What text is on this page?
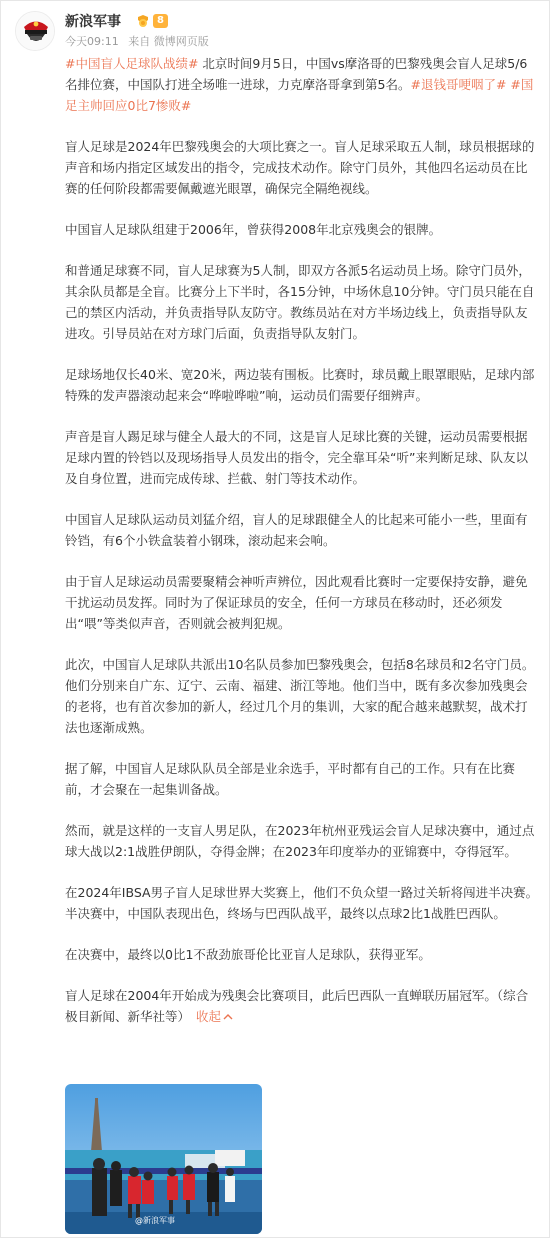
新浪军事	8
今天09:11 来自 微博网页版

#中国盲人足球队战绩# 北京时间9月5日，中国vs摩洛哥的巴黎残奥会盲人足球5/6名排位赛，中国队打进全场唯一进球，力克摩洛哥拿到第5名。#退钱哥哽咽了# #国足主帅回应0比7惨败#

盲人足球是2024年巴黎残奥会的大项比赛之一。盲人足球采取五人制，球员根据球的声音和场内指定区域发出的指令，完成技术动作。除守门员外，其他四名运动员在比赛的任何阶段都需要佩戴遮光眼罩，确保完全隔绝视线。

中国盲人足球队组建于2006年，曾获得2008年北京残奥会的银牌。

和普通足球赛不同，盲人足球赛为5人制，即双方各派5名运动员上场。除守门员外，其余队员都是全盲。比赛分上下半时，各15分钟，中场休息10分钟。守门员只能在自己的禁区内活动，并负责指导队友防守。教练员站在对方半场边线上，负责指导队友进攻。引导员站在对方球门后面，负责指导队友射门。

足球场地仅长40米、宽20米，两边装有围板。比赛时，球员戴上眼罩眼贴，足球内部特殊的发声器滚动起来会“哗啦哗啦”响，运动员们需要仔细辨声。

声音是盲人踢足球与健全人最大的不同，这是盲人足球比赛的关键，运动员需要根据足球内置的铃铛以及现场指导人员发出的指令，完全靠耳朵“听”来判断足球、队友以及自身位置，进而完成传球、拦截、射门等技术动作。

中国盲人足球队运动员刘猛介绍，盲人的足球跟健全人的比起来可能小一些，里面有铃铛，有6个小铁盒装着小钢珠，滚动起来会响。

由于盲人足球运动员需要聚精会神听声辨位，因此观看比赛时一定要保持安静，避免干扰运动员发挥。同时为了保证球员的安全，任何一方球员在移动时，还必须发出“喂”等类似声音，否则就会被判犯规。

此次，中国盲人足球队共派出10名队员参加巴黎残奥会，包括8名球员和2名守门员。他们分别来自广东、辽宁、云南、福建、浙江等地。他们当中，既有多次参加残奥会的老将，也有首次参加的新人，经过几个月的集训，大家的配合越来越默契，战术打法也逐渐成熟。

据了解，中国盲人足球队队员全部是业余选手，平时都有自己的工作。只有在比赛前，才会聚在一起集训备战。

然而，就是这样的一支盲人男足队，在2023年杭州亚残运会盲人足球决赛中，通过点球大战以2:1战胜伊朗队，夺得金牌；在2023年印度举办的亚锦赛中，夺得冠军。

在2024年IBSA男子盲人足球世界大奖赛上，他们不负众望一路过关斩将闯进半决赛。半决赛中，中国队表现出色，终场与巴西队战平，最终以点球2比1战胜巴西队。

在决赛中，最终以0比1不敌劲旅哥伦比亚盲人足球队，获得亚军。

盲人足球在2004年开始成为残奥会比赛项目，此后巴西队一直蝉联历届冠军。（综合极目新闻、新华社等） 收起

@新浪军事
